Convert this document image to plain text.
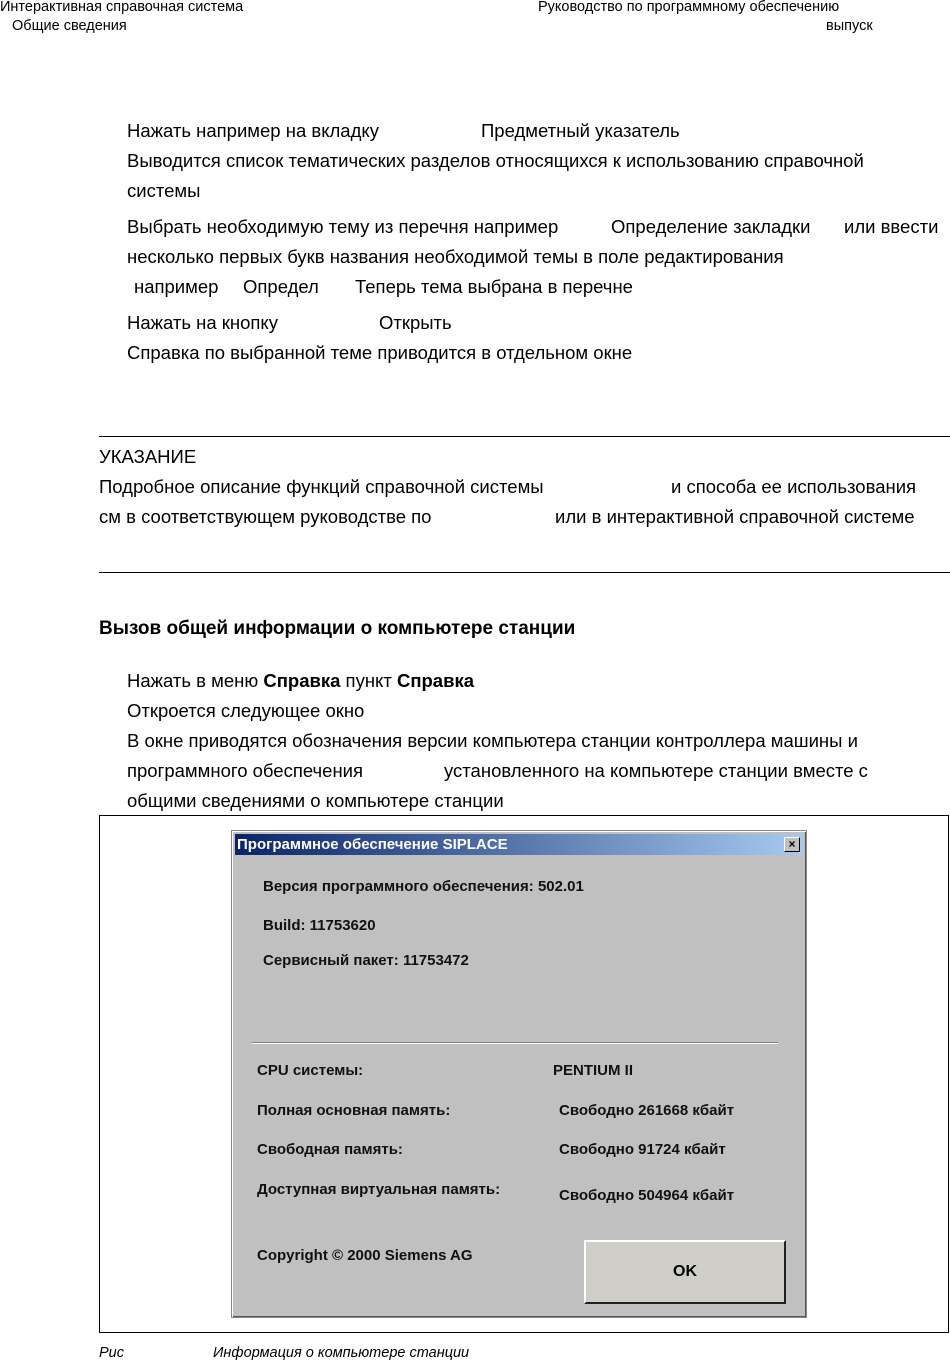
Интерактивная справочная система
Общие сведения
Руководство по программному обеспечению
выпуск
Нажать например на вкладку	Предметный указатель
Выводится список тематических разделов относящихся к использованию справочной
системы
Выбрать необходимую тему из перечня например	Определение закладки или ввести
несколько первых букв названия необходимой темы в поле редактирования
например Определ Теперь тема выбрана в перечне
Нажать на кнопку	Открыть
Справка по выбранной теме приводится в отдельном окне
УКАЗАНИЕ
Подробное описание функций справочной системы	и способа ее использования
см в соответствующем руководстве по	или в интерактивной справочной системе
Вызов общей информации о компьютере станции
Нажать в меню Справка пункт Справка
Откроется следующее окно
В окне приводятся обозначения версии компьютера станции контроллера машины и
программного обеспечения	установленного на компьютере станции вместе с
общими сведениями о компьютере станции
Программное обеспечение SIPLACE	×
Версия программного обеспечения: 502.01
Build: 11753620
Сервисный пакет: 11753472
CPU системы:	PENTIUM II
Полная основная память:	Свободно 261668 кбайт
Свободная память:	Свободно 91724 кбайт
Доступная виртуальная память:	Свободно 504964 кбайт
Copyright © 2000 Siemens AG
OK
Рис	Информация о компьютере станции
